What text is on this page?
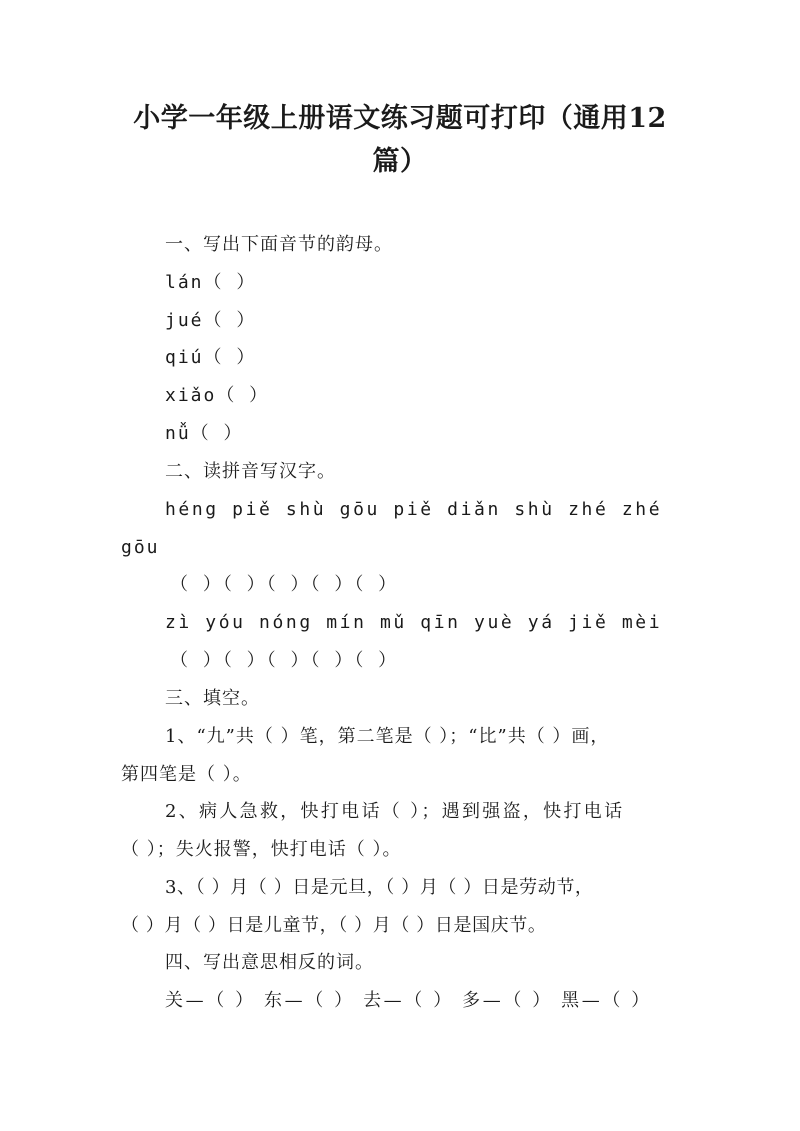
小学一年级上册语文练习题可打印（通用12
篇）
一、写出下面音节的韵母。
lán（ ）
jué（ ）
qiú（ ）
xiǎo（ ）
nǚ（ ）
二、读拼音写汉字。
héng piě shù gōu piě diǎn shù zhé zhé
gōu
（ ）（ ）（ ）（ ）（ ）
zì yóu nóng mín mǔ qīn yuè yá jiě mèi
（ ）（ ）（ ）（ ）（ ）
三、填空。
1、“九”共（ ）笔，第二笔是（ ）；“比”共（ ）画，
第四笔是（ ）。
2、病人急救，快打电话（ ）；遇到强盗，快打电话
（ ）；失火报警，快打电话（ ）。
3、（ ）月（ ）日是元旦，（ ）月（ ）日是劳动节，
（ ）月（ ）日是儿童节，（ ）月（ ）日是国庆节。
四、写出意思相反的词。
关—（ ） 东—（ ） 去—（ ） 多—（ ） 黑—（ ）
